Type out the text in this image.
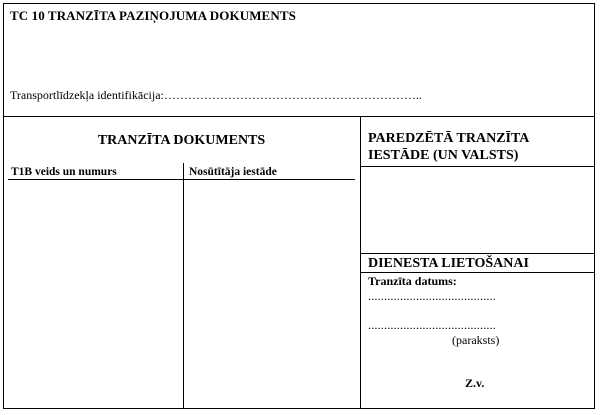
TC 10 TRANZĪTA PAZIŅOJUMA DOKUMENTS
Transportlīdzekļa identifikācija:………………………………………………………..
TRANZĪTA DOKUMENTS	PAREDZĒTĀ TRANZĪTA
IESTĀDE (UN VALSTS)
T1B veids un numurs	Nosūtītāja iestāde
DIENESTA LIETOŠANAI
Tranzīta datums:
........................................
........................................
(paraksts)
Z.v.
